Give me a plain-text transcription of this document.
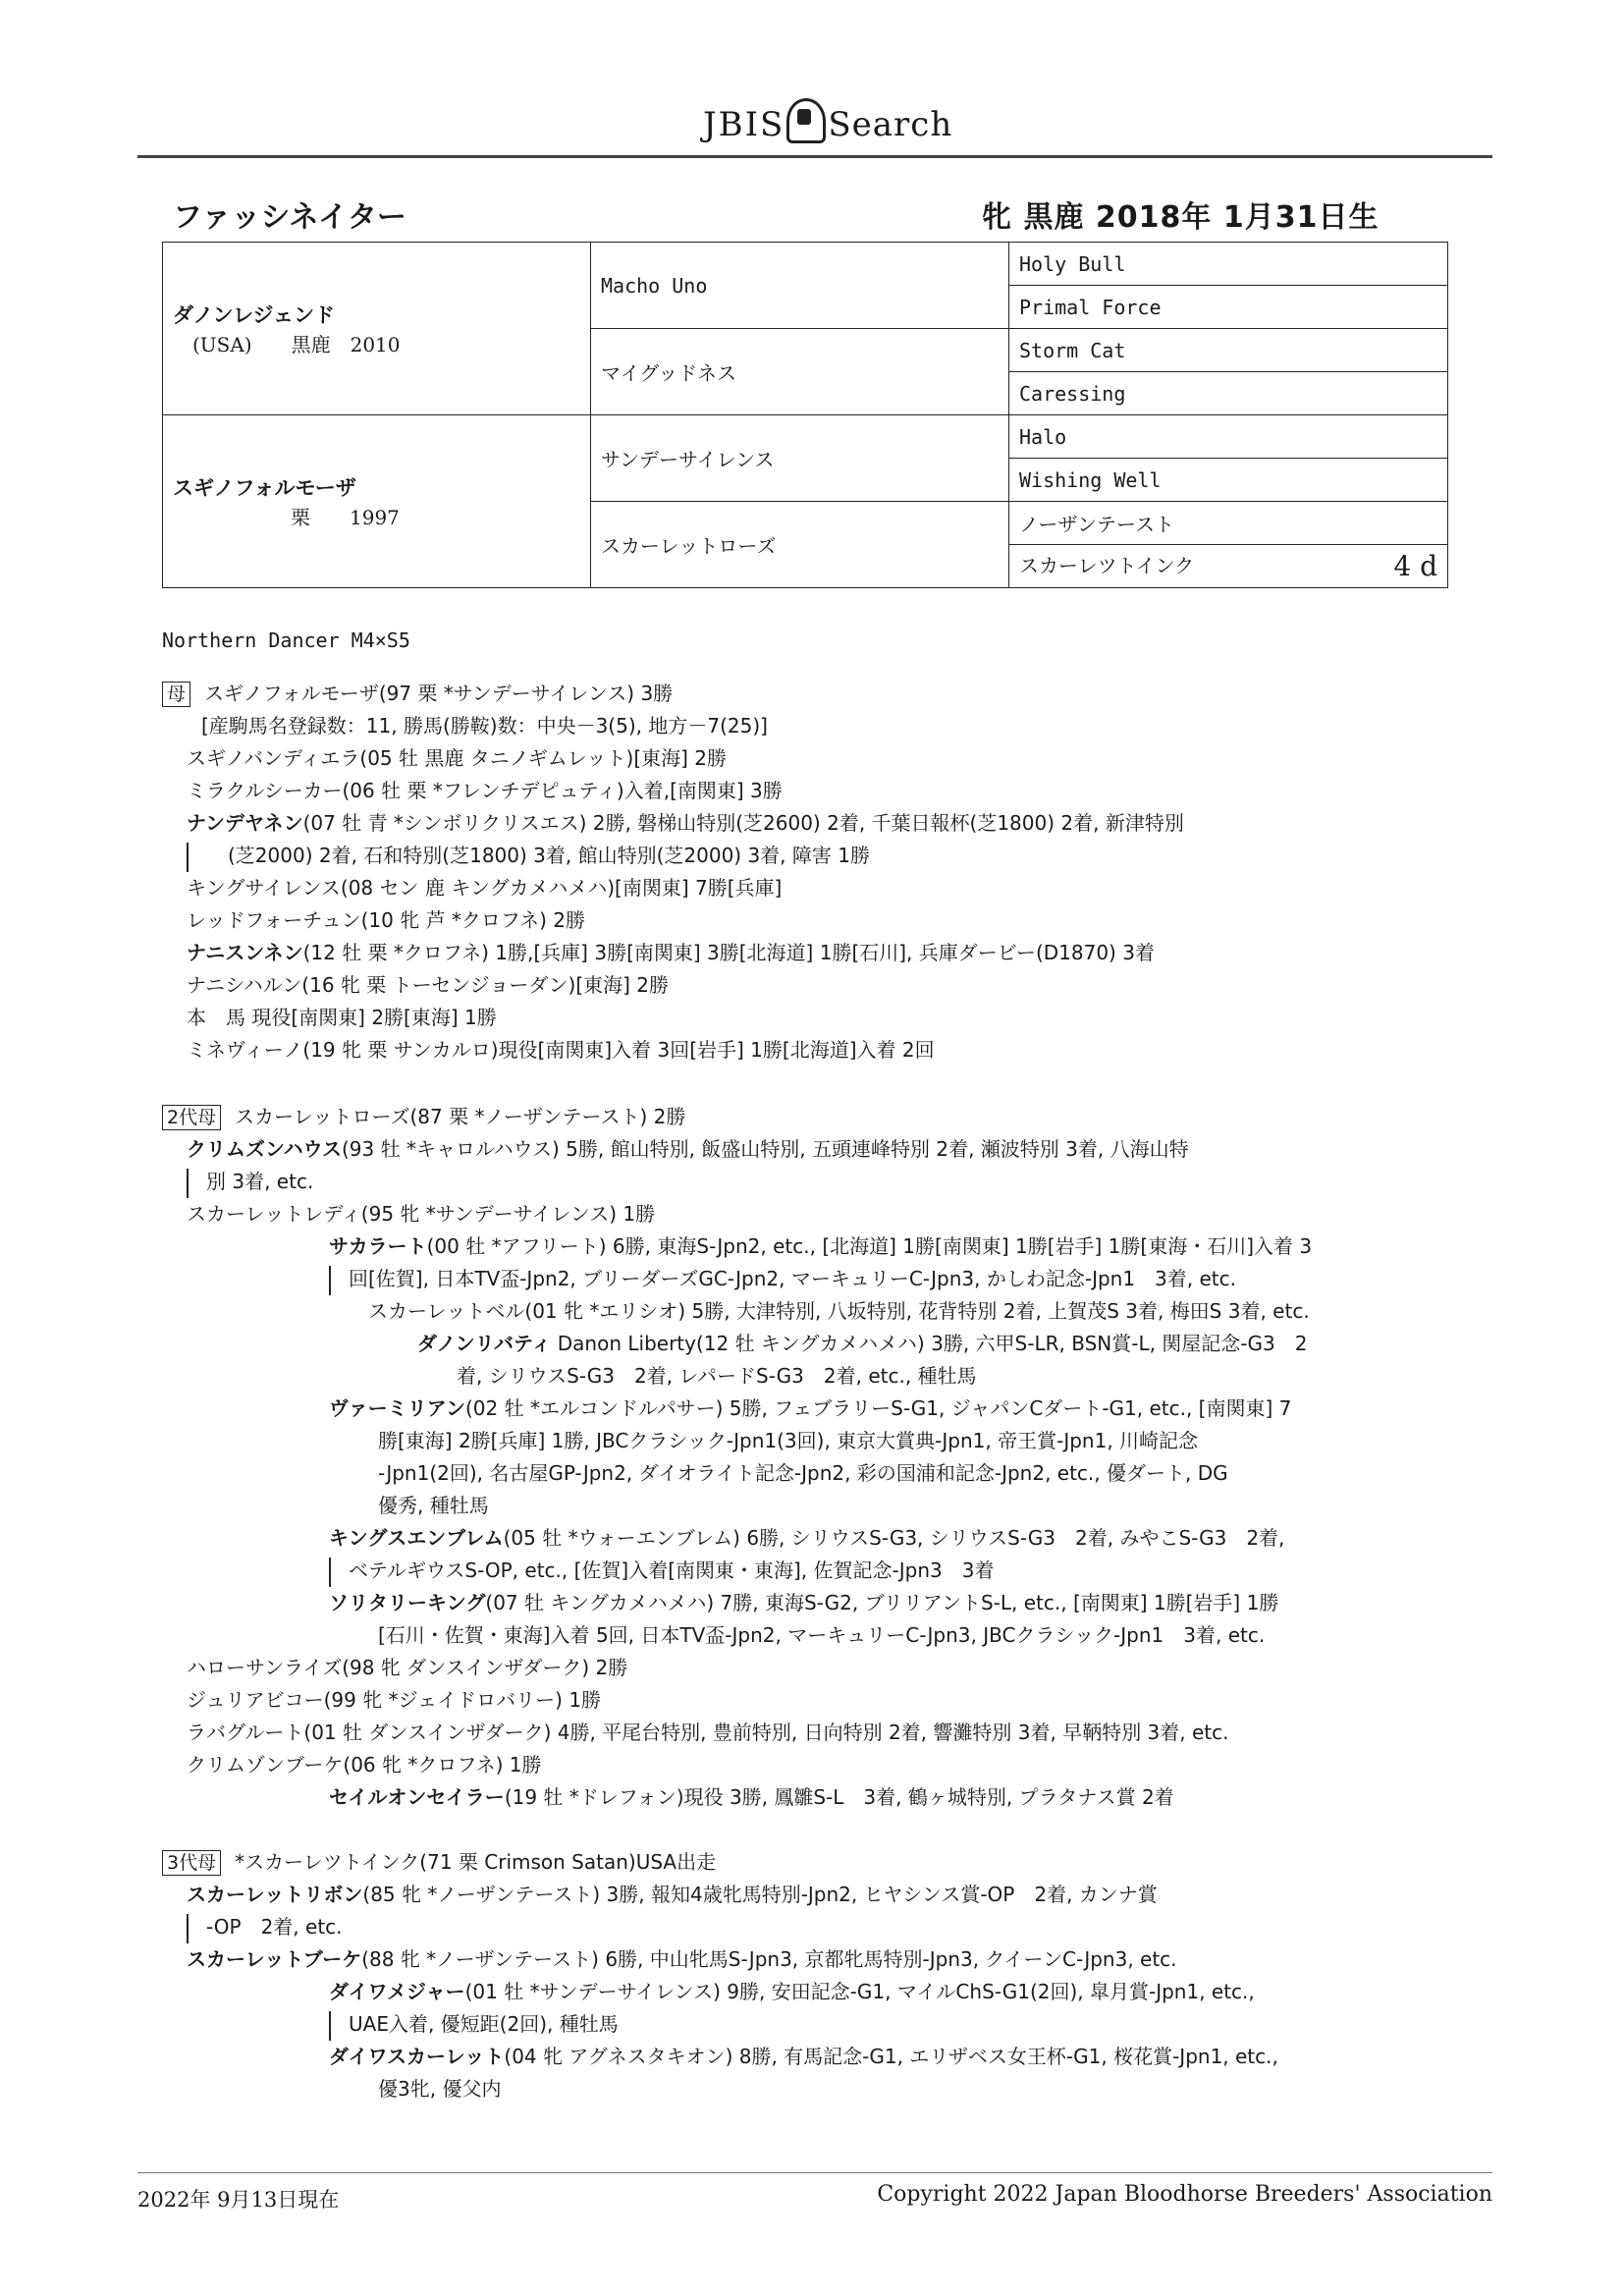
JBIS Search
ファッシネイター	牝 黒鹿 2018年 1月31日生
ダノンレジェンド
(USA)　　黒鹿　2010	Macho Uno	Holy Bull
		Primal Force
	マイグッドネス	Storm Cat
		Caressing

スギノフォルモーザ
栗　　1997	サンデーサイレンス	Halo
		Wishing Well
	スカーレットローズ	ノーザンテースト
		スカーレツトインク 4 d
Northern Dancer M4×S5
母 スギノフォルモーザ(97 栗 *サンデーサイレンス) 3勝
[産駒馬名登録数：11, 勝馬(勝鞍)数：中央－3(5), 地方－7(25)]
スギノバンディエラ(05 牡 黒鹿 タニノギムレット)[東海] 2勝
ミラクルシーカー(06 牡 栗 *フレンチデピュティ)入着,[南関東] 3勝
ナンデヤネン(07 牡 青 *シンボリクリスエス) 2勝, 磐梯山特別(芝2600) 2着, 千葉日報杯(芝1800) 2着, 新津特別
(芝2000) 2着, 石和特別(芝1800) 3着, 館山特別(芝2000) 3着, 障害 1勝
キングサイレンス(08 セン 鹿 キングカメハメハ)[南関東] 7勝[兵庫]
レッドフォーチュン(10 牝 芦 *クロフネ) 2勝
ナニスンネン(12 牡 栗 *クロフネ) 1勝,[兵庫] 3勝[南関東] 3勝[北海道] 1勝[石川], 兵庫ダービー(D1870) 3着
ナニシハルン(16 牝 栗 トーセンジョーダン)[東海] 2勝
本　馬 現役[南関東] 2勝[東海] 1勝
ミネヴィーノ(19 牝 栗 サンカルロ)現役[南関東]入着 3回[岩手] 1勝[北海道]入着 2回
2代母 スカーレットローズ(87 栗 *ノーザンテースト) 2勝
クリムズンハウス(93 牡 *キャロルハウス) 5勝, 館山特別, 飯盛山特別, 五頭連峰特別 2着, 瀬波特別 3着, 八海山特
別 3着, etc.
スカーレットレディ(95 牝 *サンデーサイレンス) 1勝
サカラート(00 牡 *アフリート) 6勝, 東海S-Jpn2, etc., [北海道] 1勝[南関東] 1勝[岩手] 1勝[東海・石川]入着 3
回[佐賀], 日本TV盃-Jpn2, ブリーダーズGC-Jpn2, マーキュリーC-Jpn3, かしわ記念-Jpn1　3着, etc.
スカーレットベル(01 牝 *エリシオ) 5勝, 大津特別, 八坂特別, 花背特別 2着, 上賀茂S 3着, 梅田S 3着, etc.
ダノンリバティ Danon Liberty(12 牡 キングカメハメハ) 3勝, 六甲S-LR, BSN賞-L, 関屋記念-G3　2
着, シリウスS-G3　2着, レパードS-G3　2着, etc., 種牡馬
ヴァーミリアン(02 牡 *エルコンドルパサー) 5勝, フェブラリーS-G1, ジャパンCダート-G1, etc., [南関東] 7
勝[東海] 2勝[兵庫] 1勝, JBCクラシック-Jpn1(3回), 東京大賞典-Jpn1, 帝王賞-Jpn1, 川崎記念
-Jpn1(2回), 名古屋GP-Jpn2, ダイオライト記念-Jpn2, 彩の国浦和記念-Jpn2, etc., 優ダート, DG
優秀, 種牡馬
キングスエンブレム(05 牡 *ウォーエンブレム) 6勝, シリウスS-G3, シリウスS-G3　2着, みやこS-G3　2着,
ベテルギウスS-OP, etc., [佐賀]入着[南関東・東海], 佐賀記念-Jpn3　3着
ソリタリーキング(07 牡 キングカメハメハ) 7勝, 東海S-G2, ブリリアントS-L, etc., [南関東] 1勝[岩手] 1勝
[石川・佐賀・東海]入着 5回, 日本TV盃-Jpn2, マーキュリーC-Jpn3, JBCクラシック-Jpn1　3着, etc.
ハローサンライズ(98 牝 ダンスインザダーク) 2勝
ジュリアビコー(99 牝 *ジェイドロバリー) 1勝
ラバグルート(01 牡 ダンスインザダーク) 4勝, 平尾台特別, 豊前特別, 日向特別 2着, 響灘特別 3着, 早鞆特別 3着, etc.
クリムゾンブーケ(06 牝 *クロフネ) 1勝
セイルオンセイラー(19 牡 *ドレフォン)現役 3勝, 鳳雛S-L　3着, 鶴ヶ城特別, プラタナス賞 2着
3代母 *スカーレツトインク(71 栗 Crimson Satan)USA出走
スカーレットリボン(85 牝 *ノーザンテースト) 3勝, 報知4歳牝馬特別-Jpn2, ヒヤシンス賞-OP　2着, カンナ賞
-OP　2着, etc.
スカーレットブーケ(88 牝 *ノーザンテースト) 6勝, 中山牝馬S-Jpn3, 京都牝馬特別-Jpn3, クイーンC-Jpn3, etc.
ダイワメジャー(01 牡 *サンデーサイレンス) 9勝, 安田記念-G1, マイルChS-G1(2回), 皐月賞-Jpn1, etc.,
UAE入着, 優短距(2回), 種牡馬
ダイワスカーレット(04 牝 アグネスタキオン) 8勝, 有馬記念-G1, エリザベス女王杯-G1, 桜花賞-Jpn1, etc.,
優3牝, 優父内
2022年 9月13日現在	Copyright 2022 Japan Bloodhorse Breeders' Association
